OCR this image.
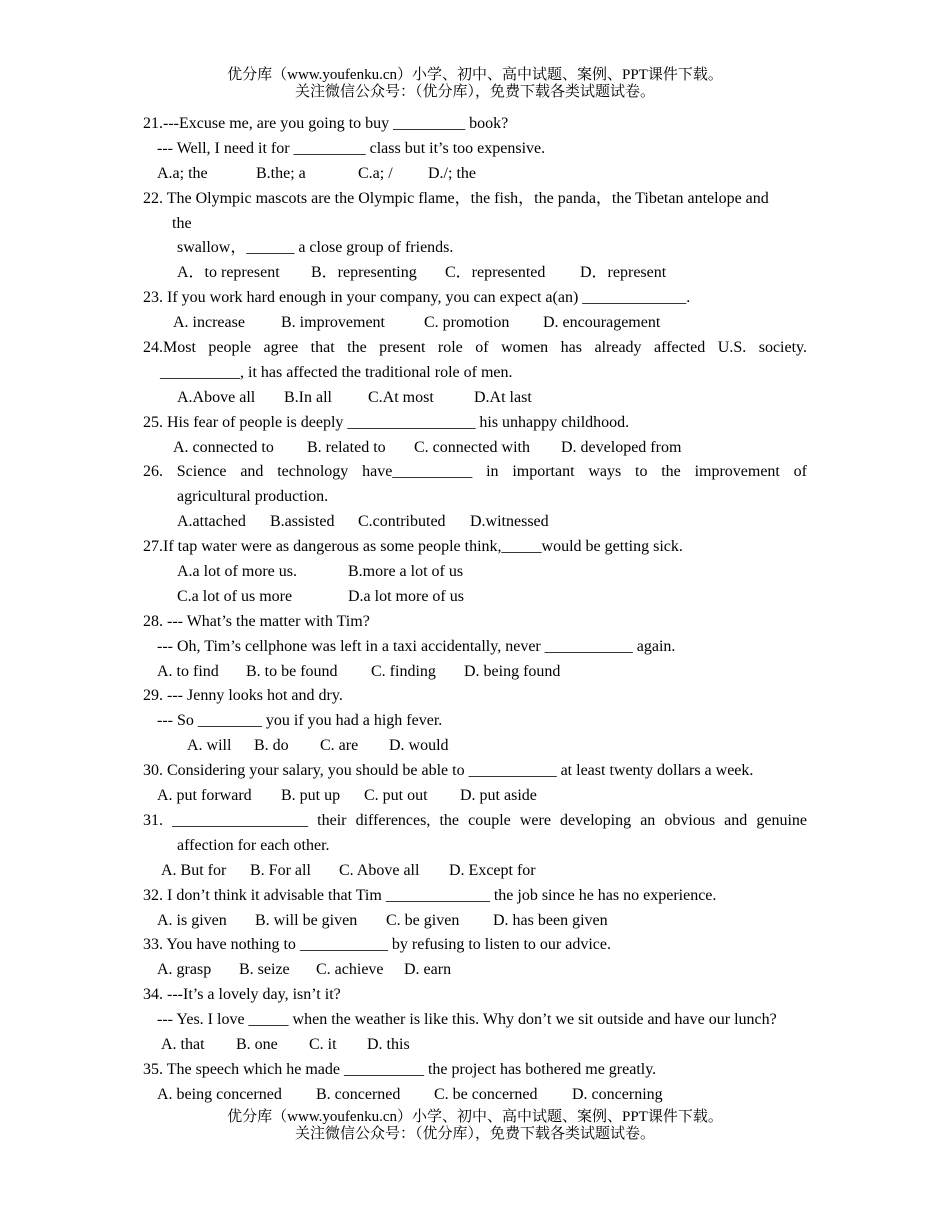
优分库（www.youfenku.cn）小学、初中、高中试题、案例、PPT课件下载。
关注微信公众号：（优分库），免费下载各类试题试卷。
21.---Excuse me, are you going to buy _________ book?
--- Well, I need it for _________ class but it’s too expensive.
A.a; the	B.the; a	C.a; / D./; the
22. The Olympic mascots are the Olympic flame，the fish，the panda，the Tibetan antelope and
the
swallow，______ a close group of friends.
A．to represent B．representing C．represented D．represent
23. If you work hard enough in your company, you can expect a(an) _____________.
A. increase B. improvement C. promotion D. encouragement
24.Most people agree that the present role of women has already affected U.S. society.
__________, it has affected the traditional role of men.
A.Above all B.In all C.At most	D.At last
25. His fear of people is deeply ________________ his unhappy childhood.
A. connected to B. related to C. connected with D. developed from
26. Science and technology have__________ in important ways to the improvement of
agricultural production.
A.attached B.assisted C.contributed D.witnessed
27.If tap water were as dangerous as some people think,_____would be getting sick.
A.a lot of more us.	B.more a lot of us
C.a lot of us more	D.a lot more of us
28. --- What’s the matter with Tim?
--- Oh, Tim’s cellphone was left in a taxi accidentally, never ___________ again.
A. to find B. to be found C. finding D. being found
29. --- Jenny looks hot and dry.
--- So ________ you if you had a high fever.
A. will B. do C. are D. would
30. Considering your salary, you should be able to ___________ at least twenty dollars a week.
A. put forward B. put up C. put out D. put aside
31. _________________ their differences, the couple were developing an obvious and genuine
affection for each other.
A. But for B. For all C. Above all D. Except for
32. I don’t think it advisable that Tim _____________ the job since he has no experience.
A. is given B. will be given C. be given D. has been given
33. You have nothing to ___________ by refusing to listen to our advice.
A. grasp B. seize C. achieve D. earn
34. ---It’s a lovely day, isn’t it?
--- Yes. I love _____ when the weather is like this. Why don’t we sit outside and have our lunch?
A. that B. one C. it D. this
35. The speech which he made __________ the project has bothered me greatly.
A. being concerned B. concerned C. be concerned D. concerning
优分库（www.youfenku.cn）小学、初中、高中试题、案例、PPT课件下载。
关注微信公众号：（优分库），免费下载各类试题试卷。
